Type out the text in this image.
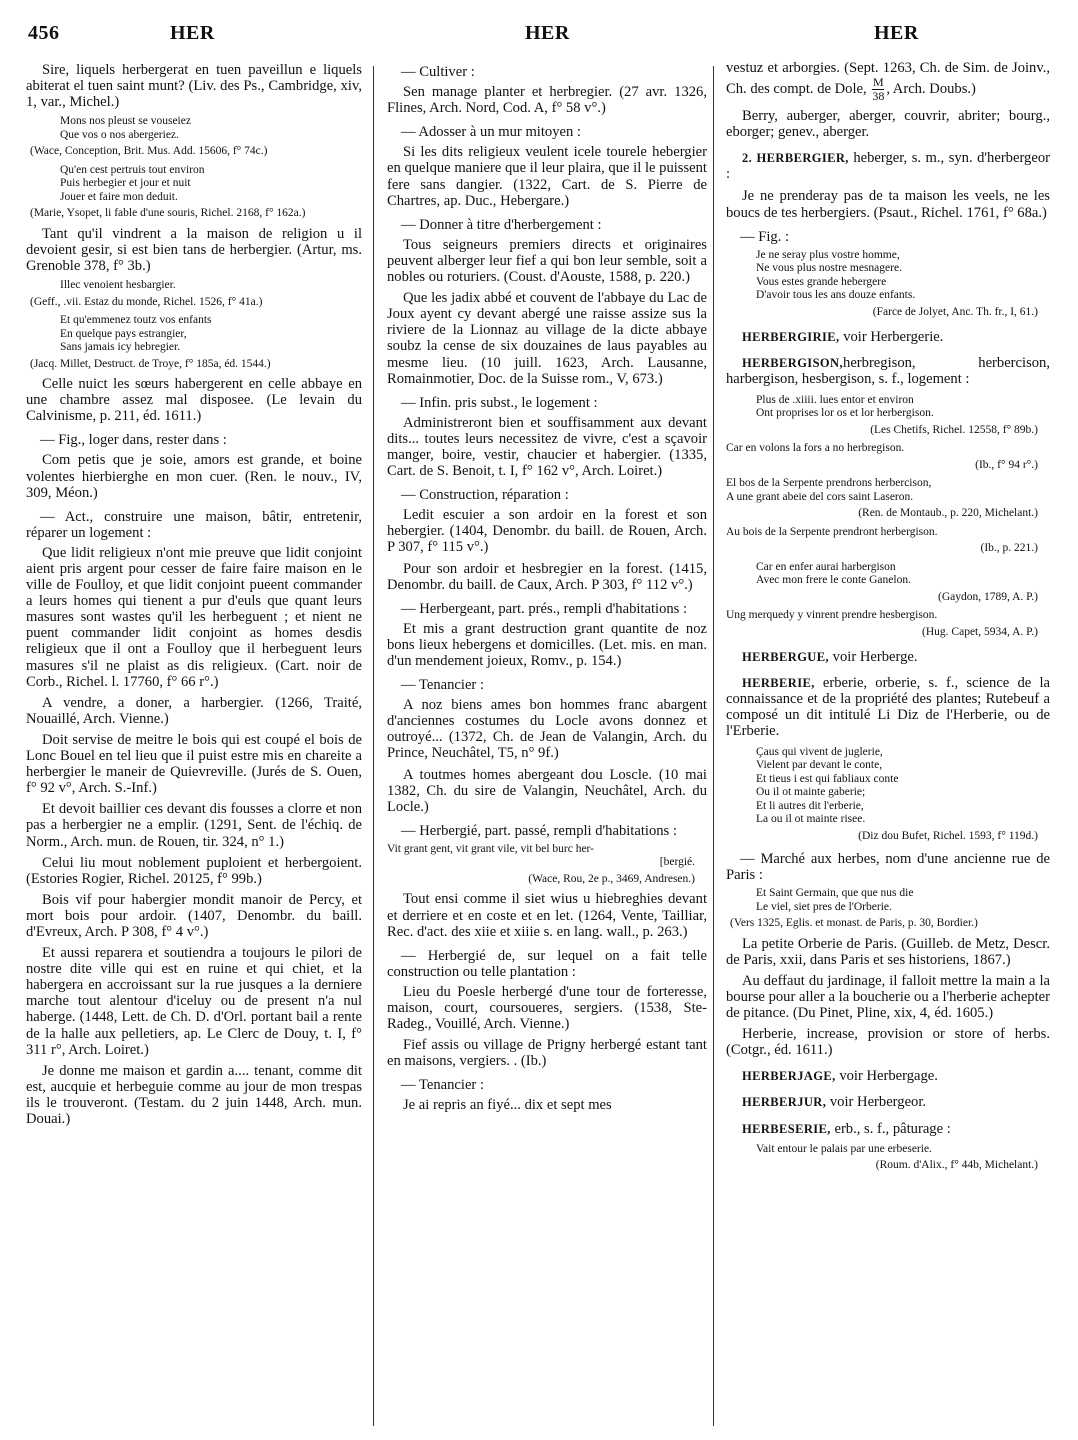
456	HER	HER	HER

Sire, liquels herbergerat en tuen paveillun e liquels abiterat el tuen saint munt? (Liv. des Ps., Cambridge, xiv, 1, var., Michel.)

Mons nos pleust se vouseiez
Que vos o nos abergeriez.
(Wace, Conception, Brit. Mus. Add. 15606, f° 74c.)
Qu'en cest pertruis tout environ
Puis herbegier et jour et nuit
Jouer et faire mon deduit.
(Marie, Ysopet, li fable d'une souris, Richel. 2168, f° 162a.)

Tant qu'il vindrent a la maison de religion u il devoient gesir, si est bien tans de herbergier. (Artur, ms. Grenoble 378, f° 3b.)

Illec venoient hesbargier.
(Geff., .vii. Estaz du monde, Richel. 1526, f° 41a.)
Et qu'emmenez toutz vos enfants
En quelque pays estrangier,
Sans jamais icy hebregier.
(Jacq. Millet, Destruct. de Troye, f° 185a, éd. 1544.)

Celle nuict les sœurs habergerent en celle abbaye en une chambre assez mal disposee. (Le levain du Calvinisme, p. 211, éd. 1611.)

— Fig., loger dans, rester dans :

Com petis que je soie, amors est grande, et boine volentes hierbierghe en mon cuer. (Ren. le nouv., IV, 309, Méon.)

— Act., construire une maison, bâtir, entretenir, réparer un logement :

Que lidit religieux n'ont mie preuve que lidit conjoint aient pris argent pour cesser de faire faire maison en le ville de Foulloy, et que lidit conjoint pueent commander a leurs homes qui tienent a pur d'euls que quant leurs masures sont wastes qu'il les herbeguent ; et nient ne puent commander lidit conjoint as homes desdis religieux que il ont a Foulloy que il herbeguent leurs masures s'il ne plaist as dis religieux. (Cart. noir de Corb., Richel. l. 17760, f° 66 r°.)

A vendre, a doner, a harbergier. (1266, Traité, Nouaillé, Arch. Vienne.)

Doit servise de meitre le bois qui est coupé el bois de Lonc Bouel en tel lieu que il puist estre mis en chareite a herbergier le maneir de Quievreville. (Jurés de S. Ouen, f° 92 v°, Arch. S.-Inf.)

Et devoit baillier ces devant dis fousses a clorre et non pas a herbergier ne a emplir. (1291, Sent. de l'échiq. de Norm., Arch. mun. de Rouen, tir. 324, n° 1.)

Celui liu mout noblement puploient et herbergoient. (Estories Rogier, Richel. 20125, f° 99b.)

Bois vif pour habergier mondit manoir de Percy, et mort bois pour ardoir. (1407, Denombr. du baill. d'Evreux, Arch. P 308, f° 4 v°.)

Et aussi reparera et soutiendra a toujours le pilori de nostre dite ville qui est en ruine et qui chiet, et la habergera en accroissant sur la rue jusques a la derniere marche tout alentour d'iceluy ou de present n'a nul haberge. (1448, Lett. de Ch. D. d'Orl. portant bail a rente de la halle aux pelletiers, ap. Le Clerc de Douy, t. I, f° 311 r°, Arch. Loiret.)

Je donne me maison et gardin a.... tenant, comme dit est, aucquie et herbeguie comme au jour de mon trespas ils le trouveront. (Testam. du 2 juin 1448, Arch. mun. Douai.)

— Cultiver :

Sen manage planter et herbregier. (27 avr. 1326, Flines, Arch. Nord, Cod. A, f° 58 v°.)

— Adosser à un mur mitoyen :

Si les dits religieux veulent icele tourele hebergier en quelque maniere que il leur plaira, que il le puissent fere sans dangier. (1322, Cart. de S. Pierre de Chartres, ap. Duc., Hebergare.)

— Donner à titre d'herbergement :

Tous seigneurs premiers directs et originaires peuvent alberger leur fief a qui bon leur semble, soit a nobles ou roturiers. (Coust. d'Aouste, 1588, p. 220.)

Que les jadix abbé et couvent de l'abbaye du Lac de Joux ayent cy devant abergé une raisse assize sus la riviere de la Lionnaz au village de la dicte abbaye soubz la cense de six douzaines de laus payables au mesme lieu. (10 juill. 1623, Arch. Lausanne, Romainmotier, Doc. de la Suisse rom., V, 673.)

— Infin. pris subst., le logement :

Administreront bien et souffisamment aux devant dits... toutes leurs necessitez de vivre, c'est a sçavoir manger, boire, vestir, chaucier et habergier. (1335, Cart. de S. Benoit, t. I, f° 162 v°, Arch. Loiret.)

— Construction, réparation :

Ledit escuier a son ardoir en la forest et son hebergier. (1404, Denombr. du baill. de Rouen, Arch. P 307, f° 115 v°.)

Pour son ardoir et hesbregier en la forest. (1415, Denombr. du baill. de Caux, Arch. P 303, f° 112 v°.)

— Herbergeant, part. prés., rempli d'habitations :

Et mis a grant destruction grant quantite de noz bons lieux hebergens et domicilles. (Let. mis. en man. d'un mendement joieux, Romv., p. 154.)

— Tenancier :

A noz biens ames bon hommes franc abargent d'anciennes costumes du Locle avons donnez et outroyé... (1372, Ch. de Jean de Valangin, Arch. du Prince, Neuchâtel, T5, n° 9f.)

A toutmes homes abergeant dou Loscle. (10 mai 1382, Ch. du sire de Valangin, Neuchâtel, Arch. du Locle.)

— Herbergié, part. passé, rempli d'habitations :

Vit grant gent, vit grant vile, vit bel burc her-
[bergié.
(Wace, Rou, 2e p., 3469, Andresen.)

Tout ensi comme il siet wius u hiebreghies devant et derriere et en coste et en let. (1264, Vente, Tailliar, Rec. d'act. des xiie et xiiie s. en lang. wall., p. 263.)

— Herbergié de, sur lequel on a fait telle construction ou telle plantation :

Lieu du Poesle herbergé d'une tour de forteresse, maison, court, coursoueres, sergiers. (1538, Ste-Radeg., Vouillé, Arch. Vienne.)

Fief assis ou village de Prigny herbergé estant tant en maisons, vergiers. . (Ib.)

— Tenancier :

Je ai repris an fiyé... dix et sept mes

vestuz et arborgies. (Sept. 1263, Ch. de Sim. de Joinv., Ch. des compt. de Dole, $\frac{M}{38}$ , Arch. Doubs.)

Berry, auberger, aberger, couvrir, abriter; bourg., eborger; genev., aberger.

2. HERBERGIER, heberger, s. m., syn. d'herbergeor :

Je ne prenderay pas de ta maison les veels, ne les boucs de tes herbergiers. (Psaut., Richel. 1761, f° 68a.)

— Fig. :

Je ne seray plus vostre homme,
Ne vous plus nostre mesnagere.
Vous estes grande hebergere
D'avoir tous les ans douze enfants.
(Farce de Jolyet, Anc. Th. fr., I, 61.)

HERBERGIRIE, voir Herbergerie.

HERBERGISON,herbregison, herbercison, harbergison, hesbergison, s. f., logement :

Plus de .xiiii. lues entor et environ
Ont proprises lor os et lor herbergison.
(Les Chetifs, Richel. 12558, f° 89b.)
Car en volons la fors a no herbregison.
(Ib., f° 94 r°.)
El bos de la Serpente prendrons herbercison,
A une grant abeie del cors saint Laseron.
(Ren. de Montaub., p. 220, Michelant.)
Au bois de la Serpente prendront herbergison.
(Ib., p. 221.)
Car en enfer aurai harbergison
Avec mon frere le conte Ganelon.
(Gaydon, 1789, A. P.)
Ung merquedy y vinrent prendre hesbergison.
(Hug. Capet, 5934, A. P.)

HERBERGUE, voir Herberge.

HERBERIE, erberie, orberie, s. f., science de la connaissance et de la propriété des plantes; Rutebeuf a composé un dit intitulé Li Diz de l'Herberie, ou de l'Erberie.

Çaus qui vivent de juglerie,
Vielent par devant le conte,
Et tieus i est qui fabliaux conte
Ou il ot mainte gaberie;
Et li autres dit l'erberie,
La ou il ot mainte risee.
(Diz dou Bufet, Richel. 1593, f° 119d.)

— Marché aux herbes, nom d'une ancienne rue de Paris :

Et Saint Germain, que que nus die
Le viel, siet pres de l'Orberie.
(Vers 1325, Eglis. et monast. de Paris, p. 30, Bordier.)

La petite Orberie de Paris. (Guilleb. de Metz, Descr. de Paris, xxii, dans Paris et ses historiens, 1867.)

Au deffaut du jardinage, il falloit mettre la main a la bourse pour aller a la boucherie ou a l'herberie achepter de pitance. (Du Pinet, Pline, xix, 4, éd. 1605.)

Herberie, increase, provision or store of herbs. (Cotgr., éd. 1611.)

HERBERJAGE, voir Herbergage.

HERBERJUR, voir Herbergeor.

HERBESERIE, erb., s. f., pâturage :

Vait entour le palais par une erbeserie.
(Roum. d'Alix., f° 44b, Michelant.)
